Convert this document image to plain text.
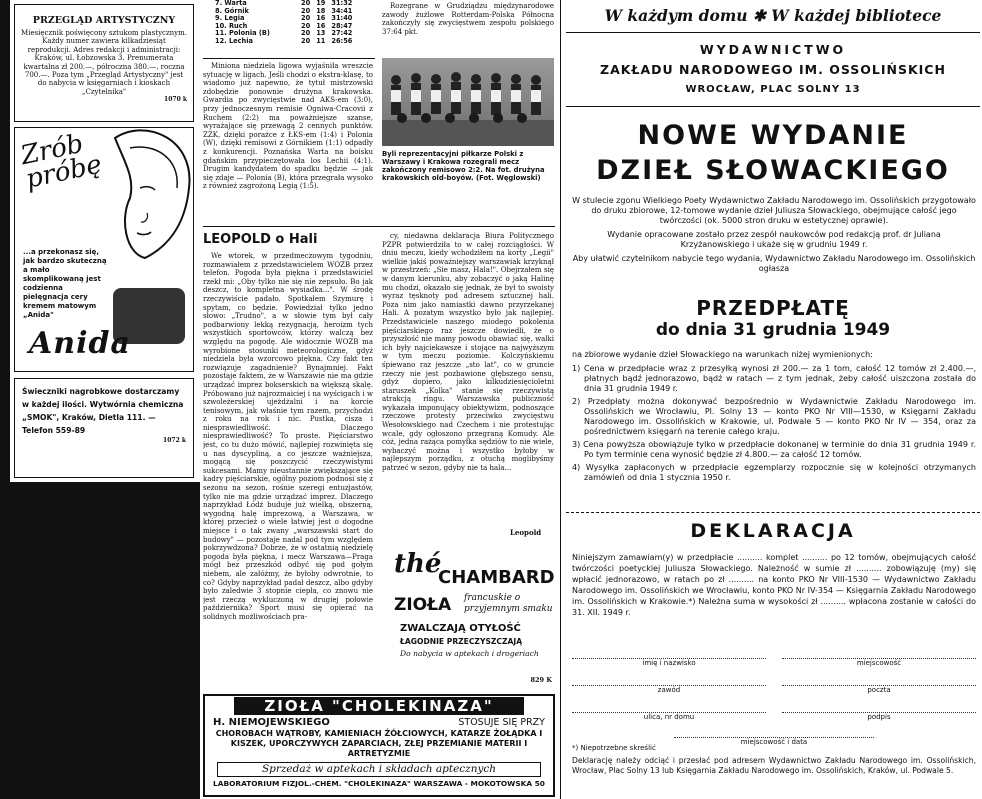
PRZEGLĄD ARTYSTYCZNY
Miesięcznik poświęcony sztukom plastycznym. Każdy numer zawiera kilkadziesiąt reprodukcji. Adres redakcji i administracji: Kraków, ul. Łobzowska 3. Prenumerata kwartalna zł 200.—, półroczna 380.—, roczna 700.—. Poza tym „Przegląd Artystyczny" jest do nabycia w księgarniach i kioskach „Czytelnika"
1070 k
Zrób próbę
...a przekonasz się, jak bardzo skuteczną a mało skomplikowaną jest codzienna pielęgnacja cery kremem matowym „Anida"
Anida
Świeczniki nagrobkowe dostarczamy w każdej ilości. Wytwórnia chemiczna „SMOK", Kraków, Dietla 111. — Telefon 559-89
1072 k
7. Warta	20	19	31:32
8. Górnik	20	18	34:41
9. Legia	20	16	31:40
10. Ruch	20	16	28:47
11. Polonia (B)	20	13	27:42
12. Lechia	20	11	26:56

Miniona niedziela ligowa wyjaśniła wreszcie sytuację w ligach. Jeśli chodzi o ekstra-klasę, to wiadomo już napewno, że tytuł mistrzowski zdobędzie ponownie drużyna krakowska. Gwardia po zwycięstwie nad AKS-em (3:0), przy jednoczesnym remisie Ogniwa-Cracovii z Ruchem (2:2) ma poważniejsze szanse, wyrażające się przewagą 2 cennych punktów. ZZK, dzięki porażce z ŁKS-em (1:4) i Polonia (W), dzięki remisowi z Górnikiem (1:1) odpadły z konkurencji. Poznańska Warta na boisku gdańskim przypieczętowała los Lechii (4:1). Drugim kandydatem do spadku będzie — jak się zdaje — Polonia (B), która przegrała wysoko z również zagrożoną Legią (1:5).

Rozegrane w Grudziądzu międzynarodowe zawody żużlowe Rotterdam-Polska Północna zakończyły się zwycięstwem zespołu polskiego 37:64 pkt.

Byli reprezentacyjni piłkarze Polski z Warszawy i Krakowa rozegrali mecz zakończony remisowo 2:2. Na fot. drużyna krakowskich old-boyów. (Fot. Węglowski)
LEOPOLD o Hali

We wtorek, w przedmeczowym tygodniu, rozmawiałem z przedstawicielem WOZB przez telefon. Pogoda była piękna i przedstawiciel rzekł mi: „Oby tylko nie się nie zepsuło. Bo jak deszcz, to kompletna wysiadka...". W środę rzeczywiście padało. Spotkałem Szymurę i spytam, co będzie. Powiedział tylko jedno słowo: „Trudno", a w słowie tym był cały podbarwiony lekką rezygnacją, heroizm tych wszystkich sportowców, którzy walczą bez względu na pogodę. Ale widocznie WOZB ma wyrobione stosunki meteorologiczne, gdyż niedziela była wzorcowo piękna. Czy fakt ten rozwiązuje zagadnienie? Bynajmniej. Fakt pozostaje faktem, że w Warszawie nie ma gdzie urządzać imprez bokserskich na większą skalę. Próbowano już najrozmaiciej i na wyścigach i w szwoleżerskiej ujeżdżalni i na korcie tenisowym, jak właśnie tym razem, przychodzi z roku na rok i nic. Pustka, cisza i niesprawiedliwość. Dlaczego niesprawiedliwość? To proste. Pięściarstwo jest, co tu dużo mówić, najlepiej rozwinięta się u nas dyscypliną, a co jeszcze ważniejsza, mogącą się poszczycić rzeczywistymi sukcesami. Mamy nieustannie zwiększające się kadry pięściarskie, ogólny poziom podnosi się z sezonu na sezon, rośnie szeregi entuzjastów, tylko nie ma gdzie urządzać imprez. Dlaczego naprzykład Łódź buduje już wielką, obszerną, wygodną halę imprezową, a Warszawa, w której przecież o wiele łatwiej jest o dogodne miejsce i o tak zwany „warszawski start do budowy" — pozostaje nadal pod tym względem pokrzywdzona? Dobrze, że w ostatnią niedzielę pogoda była piękna, i mecz Warszawa—Praga mógł bez przeszkód odbyć się pod gołym niebem, ale załóżmy, że byłoby odwrotnie, to co? Gdyby naprzykład padał deszcz, albo gdyby było zaledwie 3 stopnie ciepła, co znowu nie jest rzeczą wykluczoną w drugiej połowie października? Sport musi się opierać na solidnych możliwościach pra-

cy, niedawna deklaracja Biura Politycznego PZPR potwierdziła to w całej rozciągłości. W dniu meczu, kiedy wchodziłem na korty „Legii" wielkie jakiś powaźniejszy warszawiak krzyknął w przestrzeń: „Sie masz, Hala!". Obejrzałem się w danym kierunku, aby zobaczyć o jaką Halinę mu chodzi, okazało się jednak, że był to swoisty wyraz tęsknoty pod adresem sztucznej hali. Poza nim jako namiastki dawno przyrzekanej Hali. A pozatym wszystko było jak najlepiej. Przedstawiciele naszego miodego pokolenia pięściarskiego raz jeszcze dowiedli, że o przyszłość nie mamy powodu obawiać się, walki ich były najciekawsze i stojące na najwyższym w tym meczu poziomie. Kolczyńskiemu śpiewano raz jeszcze „sto lat", co w gruncie rzeczy nie jest pozbawione głębszego sensu, gdyż dopiero, jako kilkudziesięcioletni staruszek „Kolka" stanie się rzeczywistą atrakcją ringu. Warszawska publiczność wykazała imponujący obiektywizm, podnoszące rzeczowe protesty przeciwko zwycięstwu Wesołowskiego nad Czechem i nie protestując wcale, gdy ogłoszono przegraną Komudy. Ale cóż, jedna rażąca pomyłka sędziów to nie wiele, wybaczyć można i wszystko byłoby w najlepszym porządku, z otuchą moglibyśmy patrzeć w sezon, gdyby nie ta hala...

Leopold
thé
CHAMBARD
ZIOŁA francuskie o przyjemnym smaku
ZWALCZAJĄ OTYŁOŚĆ
ŁAGODNIE PRZECZYSZCZAJĄ
Do nabycia w aptekach i drogeriach
829 K
ZIOŁA "CHOLEKINAZA"
H. NIEMOJEWSKIEGO	STOSUJE SIĘ PRZY
CHOROBACH WĄTROBY, KAMIENIACH ŻÓŁCIOWYCH, KATARZE ŻOŁĄDKA I KISZEK, UPORCZYWYCH ZAPARCIACH, ZŁEJ PRZEMIANIE MATERII I ARTRETYZMIE
Sprzedaż w aptekach i składach aptecznych
LABORATORIUM FIZJOL.-CHEM. "CHOLEKINAZA" WARSZAWA - MOKOTOWSKA 50
W każdym domu ✱ W każdej bibliotece
WYDAWNICTWO
ZAKŁADU NARODOWEGO IM. OSSOLIŃSKICH
WROCŁAW, PLAC SOLNY 13
NOWE WYDANIE
DZIEŁ SŁOWACKIEGO

W stulecie zgonu Wielkiego Poety Wydawnictwo Zakładu Narodowego im. Ossolińskich przygotowało do druku zbiorowe, 12-tomowe wydanie dzieł Juliusza Słowackiego, obejmujące całość jego twórczości (ok. 5000 stron druku w estetycznej oprawie).

Wydanie opracowane zostało przez zespół naukowców pod redakcją prof. dr Juliana Krzyżanowskiego i ukaże się w grudniu 1949 r.

Aby ułatwić czytelnikom nabycie tego wydania, Wydawnictwo Zakładu Narodowego im. Ossolińskich ogłasza

PRZEDPŁATĘ
do dnia 31 grudnia 1949

na zbiorowe wydanie dzieł Słowackiego na warunkach niżej wymienionych:

1) Cena w przedpłacie wraz z przesyłką wynosi zł 200.— za 1 tom, całość 12 tomów zł 2.400.—, płatnych bądź jednorazowo, bądź w ratach — z tym jednak, żeby całość uiszczona została do dnia 31 grudnia 1949 r.

2) Przedpłaty można dokonywać bezpośrednio w Wydawnictwie Zakładu Narodowego im. Ossolińskich we Wrocławiu, Pl. Solny 13 — konto PKO Nr VIII—1530, w Księgarni Zakładu Narodowego im. Ossolińskich w Krakowie, ul. Podwale 5 — konto PKO Nr IV — 354, oraz za pośrednictwem księgarń na terenie całego kraju.

3) Cena powyższa obowiązuje tylko w przedpłacie dokonanej w terminie do dnia 31 grudnia 1949 r. Po tym terminie cena wynosić będzie zł 4.800.— za całość 12 tomów.

4) Wysyłka zapłaconych w przedpłacie egzemplarzy rozpocznie się w kolejności otrzymanych zamówień od dnia 1 stycznia 1950 r.

DEKLARACJA
Niniejszym zamawiam(y) w przedpłacie .......... komplet .......... po 12 tomów, obejmujących całość twórczości poetyckiej Juliusza Słowackiego. Należność w sumie zł .......... zobowiązuję (my) się wpłacić jednorazowo, w ratach po zł .......... na konto PKO Nr VIII-1530 — Wydawnictwo Zakładu Narodowego im. Ossolińskich we Wrocławiu, konto PKO Nr IV-354 — Księgarnia Zakładu Narodowego im. Ossolińskich w Krakowie.*) Należna suma w wysokości zł .......... wpłacona zostanie w całości do 31. XII. 1949 r.
imię i nazwisko	miejscowość
zawód	poczta
ulica, nr domu	podpis
miejscowość i data
*) Niepotrzebne skreślić
Deklarację należy odciąć i przesłać pod adresem Wydawnictwo Zakładu Narodowego im. Ossolińskich, Wrocław, Plac Solny 13 lub Księgarnia Zakładu Narodowego im. Ossolińskich, Kraków, ul. Podwale 5.
